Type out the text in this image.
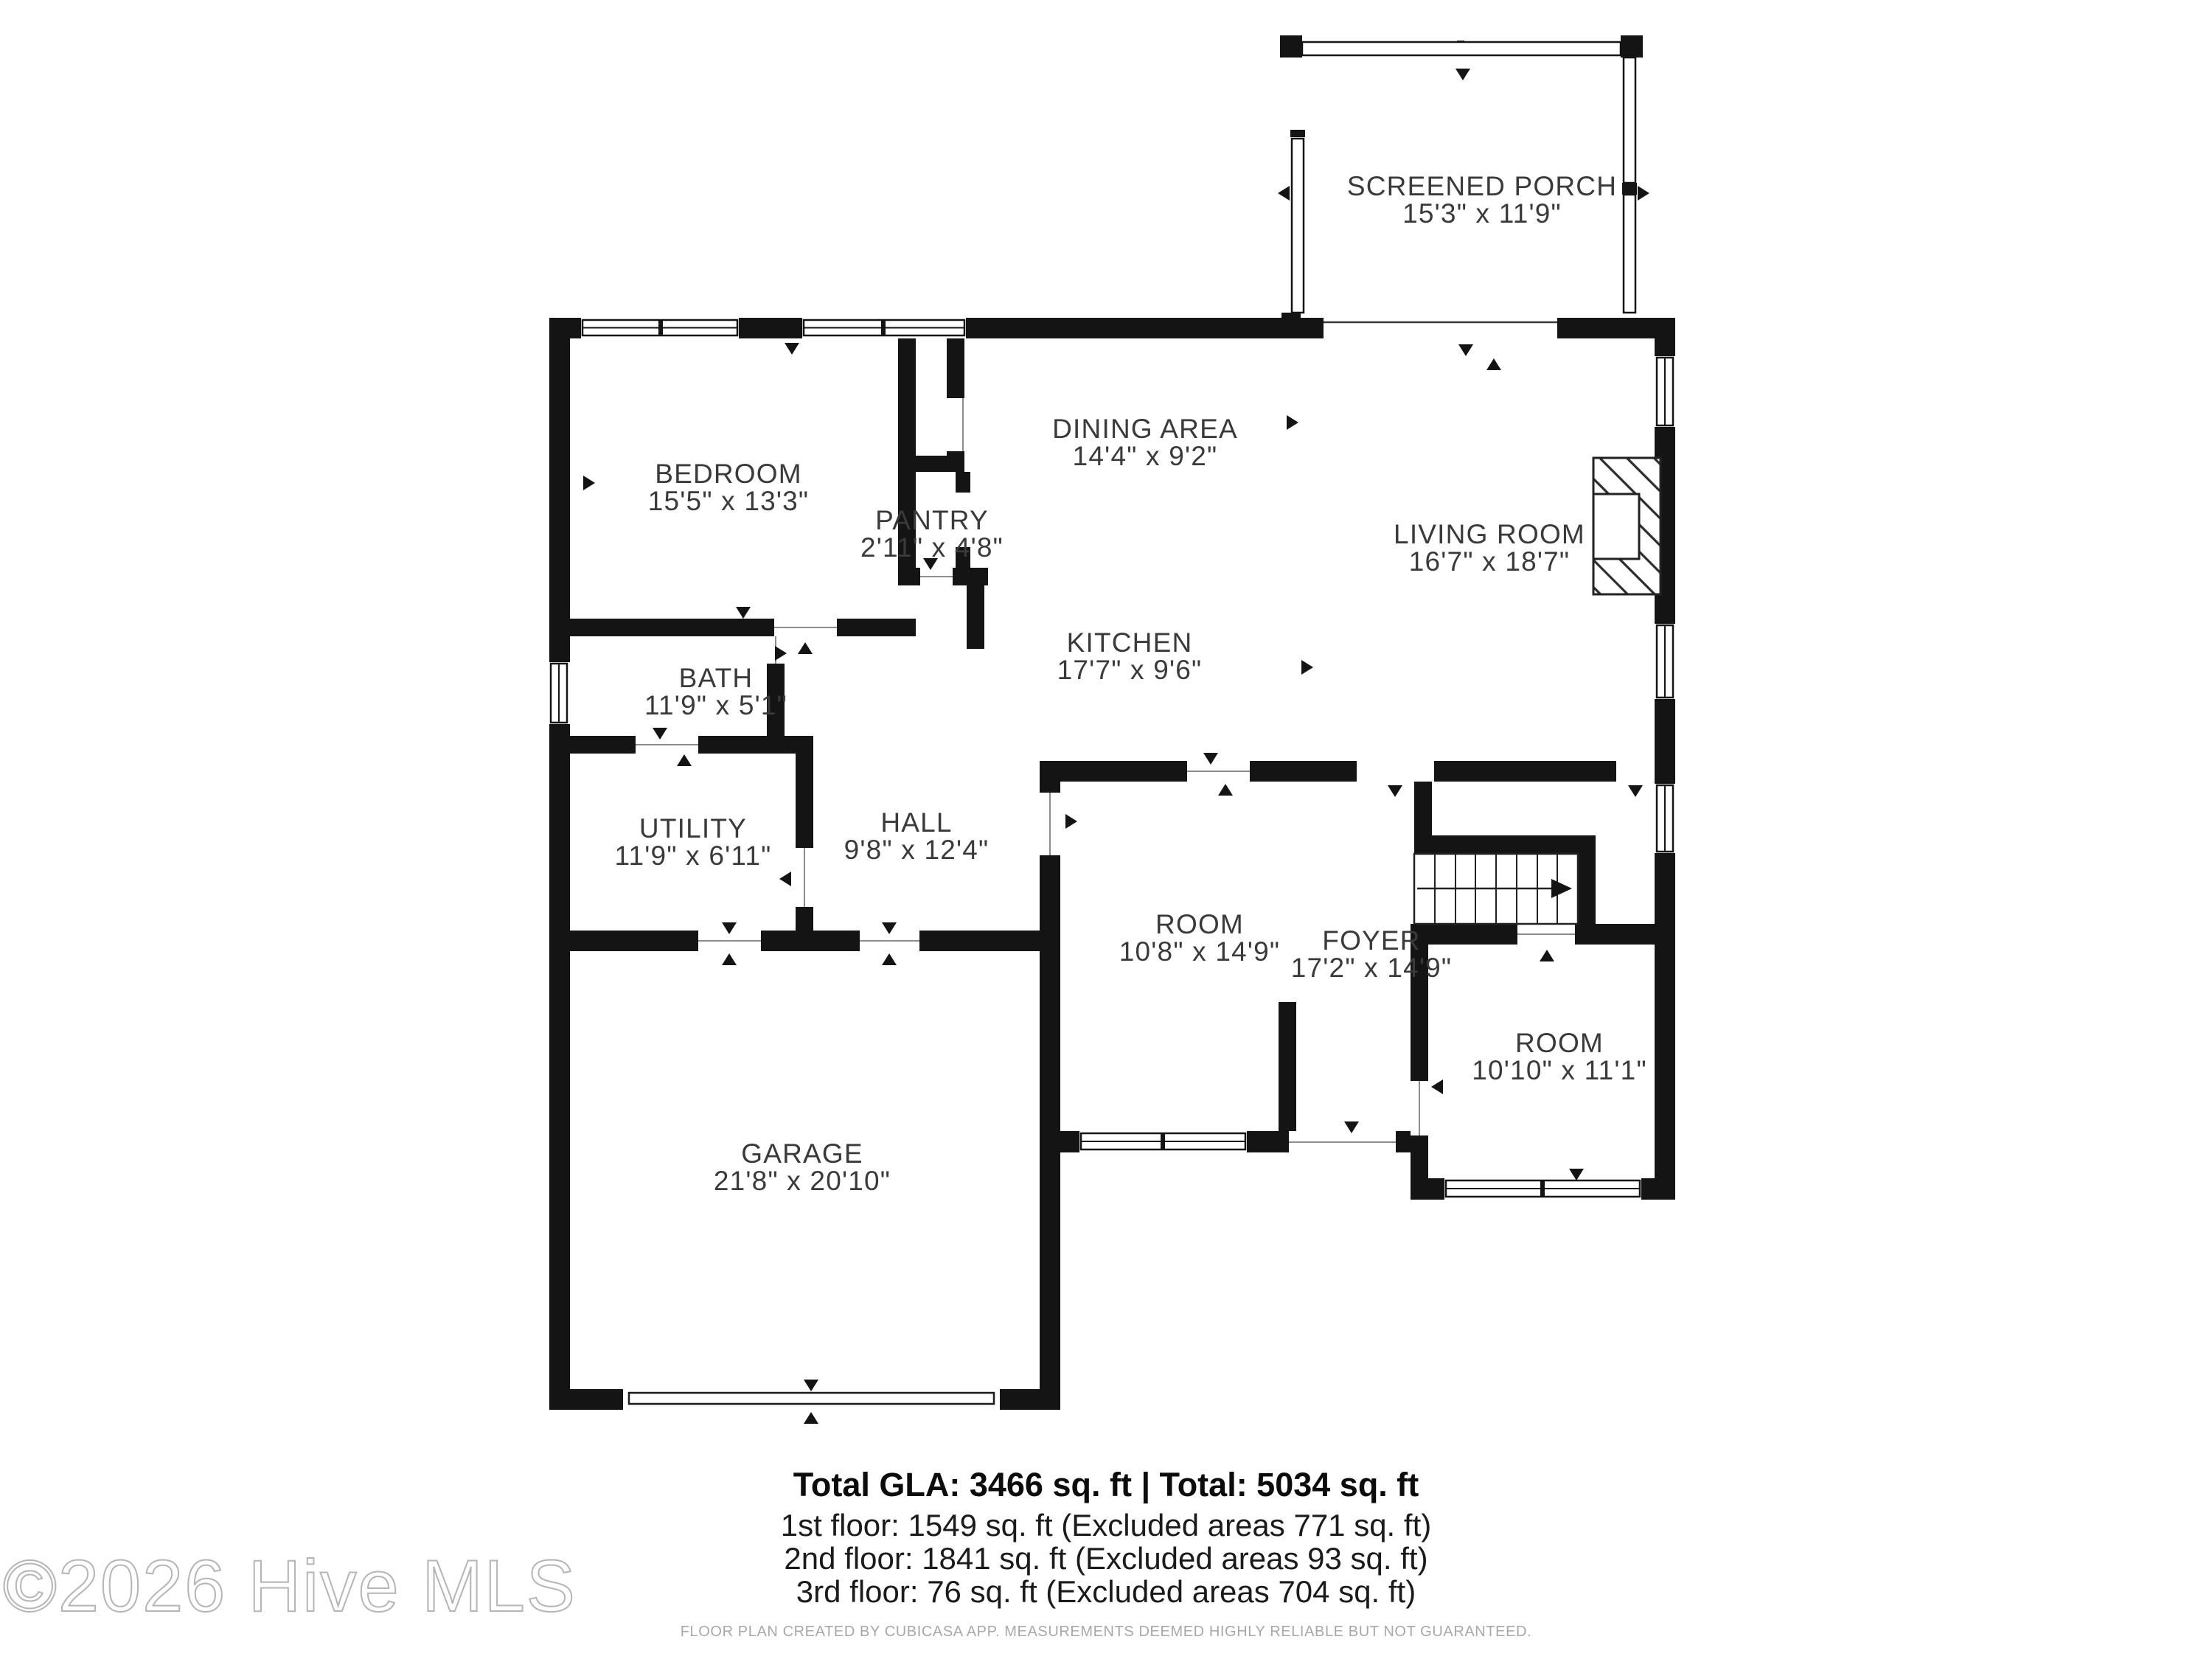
SCREENED PORCH
15'3" x 11'9"
BEDROOM
15'5" x 13'3"
DINING AREA
14'4" x 9'2"
PANTRY
2'11" x 4'8"	LIVING ROOM
16'7" x 18'7"
KITCHEN
17'7" x 9'6"
BATH
11'9" x 5'1"
HALL
9'8" x 12'4"
UTILITY
11'9" x 6'11"
ROOM
10'8" x 14'9" FOYER
17'2" x 14'9"
ROOM
10'10" x 11'1"
GARAGE
21'8" x 20'10"
Total GLA: 3466 sq. ft | Total: 5034 sq. ft
1st floor: 1549 sq. ft (Excluded areas 771 sq. ft)
2nd floor: 1841 sq. ft (Excluded areas 93 sq. ft)
3rd floor: 76 sq. ft (Excluded areas 704 sq. ft)
FLOOR PLAN CREATED BY CUBICASA APP. MEASUREMENTS DEEMED HIGHLY RELIABLE BUT NOT GUARANTEED.
©2026 Hive MLS
